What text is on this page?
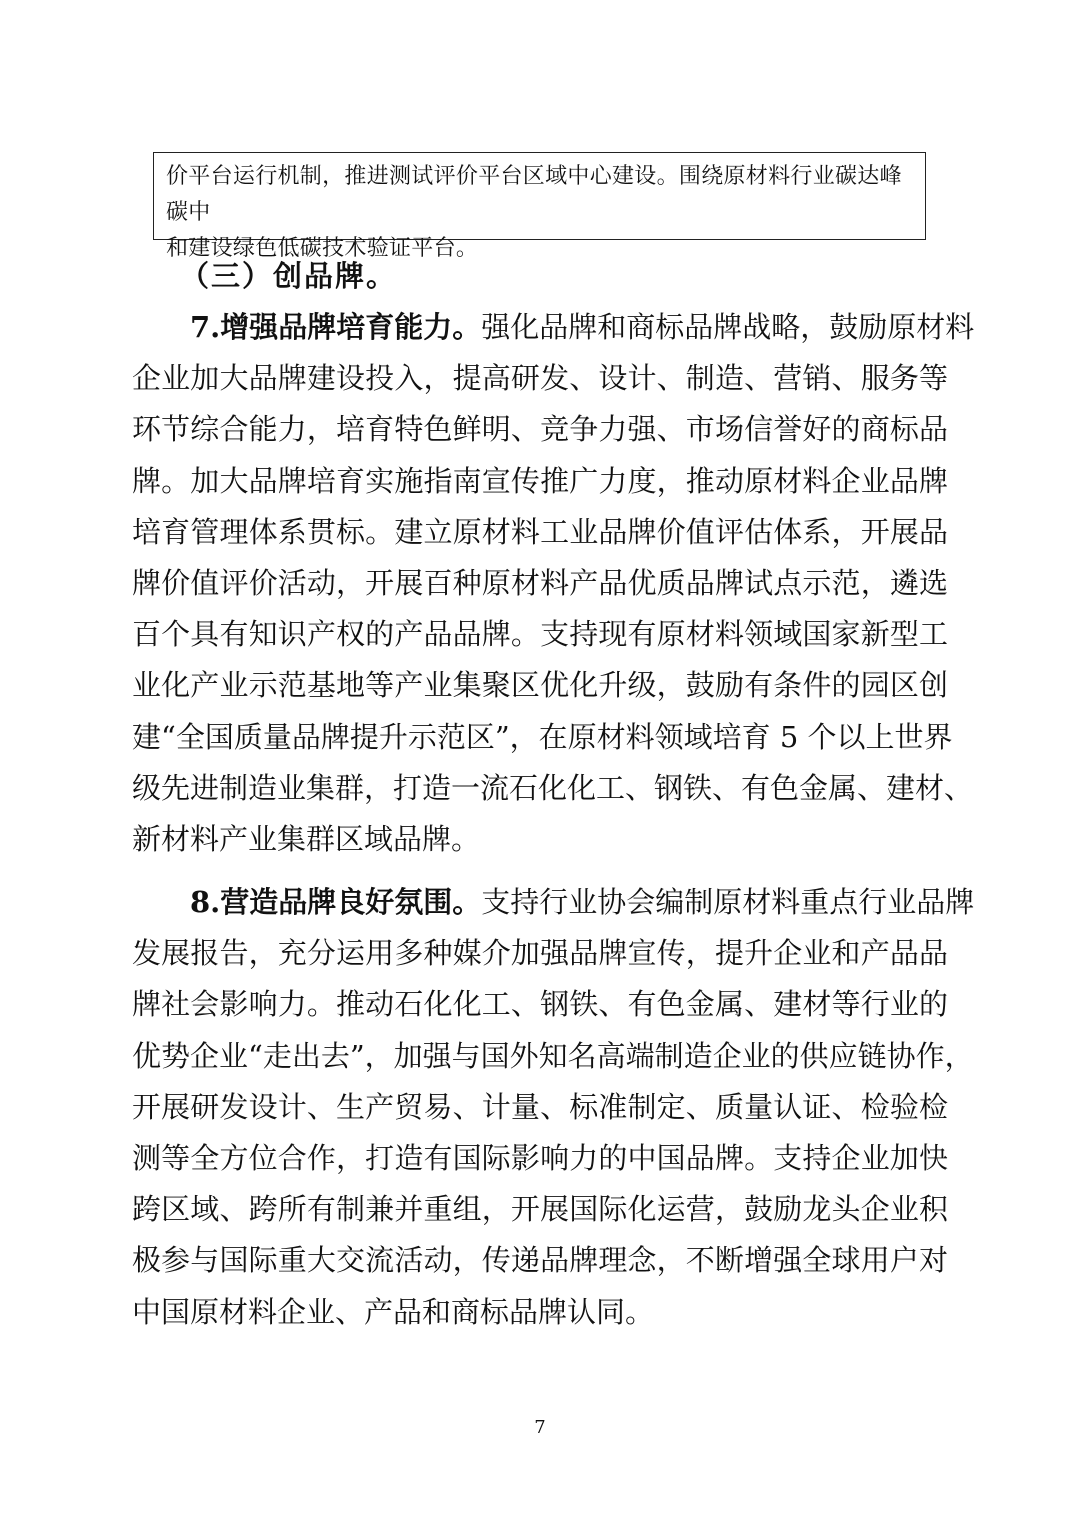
价平台运行机制，推进测试评价平台区域中心建设。围绕原材料行业碳达峰碳中
和建设绿色低碳技术验证平台。
（三）创品牌。
7.增强品牌培育能力。强化品牌和商标品牌战略，鼓励原材料
企业加大品牌建设投入，提高研发、设计、制造、营销、服务等
环节综合能力，培育特色鲜明、竞争力强、市场信誉好的商标品
牌。加大品牌培育实施指南宣传推广力度，推动原材料企业品牌
培育管理体系贯标。建立原材料工业品牌价值评估体系，开展品
牌价值评价活动，开展百种原材料产品优质品牌试点示范，遴选
百个具有知识产权的产品品牌。支持现有原材料领域国家新型工
业化产业示范基地等产业集聚区优化升级，鼓励有条件的园区创
建“全国质量品牌提升示范区”，在原材料领域培育 5 个以上世界
级先进制造业集群，打造一流石化化工、钢铁、有色金属、建材、
新材料产业集群区域品牌。
8.营造品牌良好氛围。支持行业协会编制原材料重点行业品牌
发展报告，充分运用多种媒介加强品牌宣传，提升企业和产品品
牌社会影响力。推动石化化工、钢铁、有色金属、建材等行业的
优势企业“走出去”，加强与国外知名高端制造企业的供应链协作，
开展研发设计、生产贸易、计量、标准制定、质量认证、检验检
测等全方位合作，打造有国际影响力的中国品牌。支持企业加快
跨区域、跨所有制兼并重组，开展国际化运营，鼓励龙头企业积
极参与国际重大交流活动，传递品牌理念，不断增强全球用户对
中国原材料企业、产品和商标品牌认同。
7
